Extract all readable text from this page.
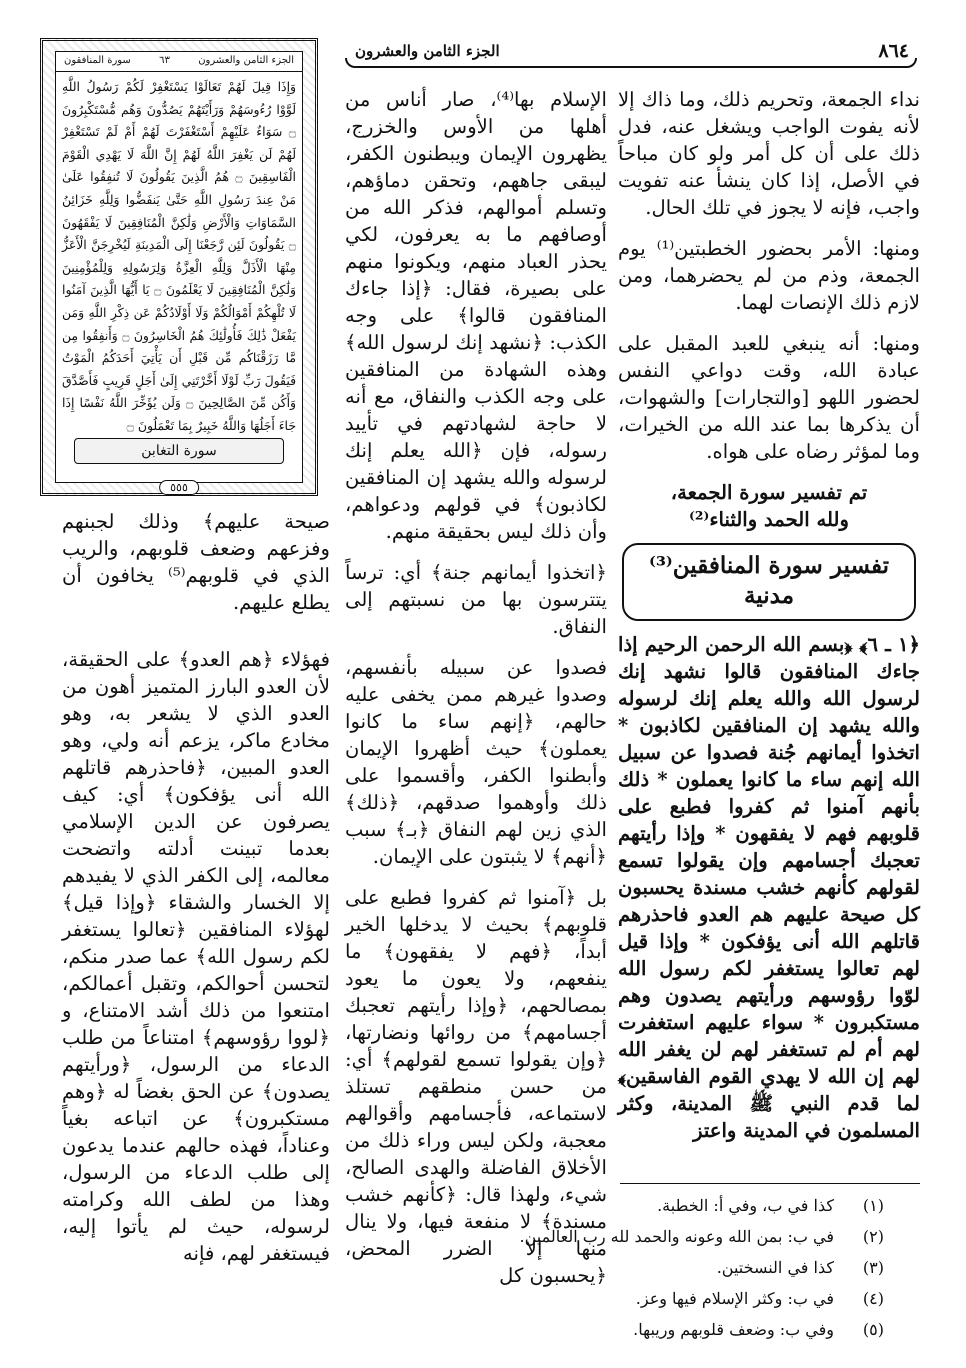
٨٦٤
الجزء الثامن والعشرون
الجزء الثامن والعشرون
٦٣
سورة المنافقون
وَإِذَا قِيلَ لَهُمْ تَعَالَوْا يَسْتَغْفِرْ لَكُمْ رَسُولُ اللَّهِ لَوَّوْا رُءُوسَهُمْ وَرَأَيْتَهُمْ يَصُدُّونَ وَهُم مُّسْتَكْبِرُونَ ۝ سَوَاءٌ عَلَيْهِمْ أَسْتَغْفَرْتَ لَهُمْ أَمْ لَمْ تَسْتَغْفِرْ لَهُمْ لَن يَغْفِرَ اللَّهُ لَهُمْ إِنَّ اللَّهَ لَا يَهْدِي الْقَوْمَ الْفَاسِقِينَ ۝ هُمُ الَّذِينَ يَقُولُونَ لَا تُنفِقُوا عَلَىٰ مَنْ عِندَ رَسُولِ اللَّهِ حَتَّىٰ يَنفَضُّوا وَلِلَّهِ خَزَائِنُ السَّمَاوَاتِ وَالْأَرْضِ وَلَٰكِنَّ الْمُنَافِقِينَ لَا يَفْقَهُونَ ۝ يَقُولُونَ لَئِن رَّجَعْنَا إِلَى الْمَدِينَةِ لَيُخْرِجَنَّ الْأَعَزُّ مِنْهَا الْأَذَلَّ وَلِلَّهِ الْعِزَّةُ وَلِرَسُولِهِ وَلِلْمُؤْمِنِينَ وَلَٰكِنَّ الْمُنَافِقِينَ لَا يَعْلَمُونَ ۝ يَا أَيُّهَا الَّذِينَ آمَنُوا لَا تُلْهِكُمْ أَمْوَالُكُمْ وَلَا أَوْلَادُكُمْ عَن ذِكْرِ اللَّهِ وَمَن يَفْعَلْ ذَٰلِكَ فَأُولَٰئِكَ هُمُ الْخَاسِرُونَ ۝ وَأَنفِقُوا مِن مَّا رَزَقْنَاكُم مِّن قَبْلِ أَن يَأْتِيَ أَحَدَكُمُ الْمَوْتُ فَيَقُولَ رَبِّ لَوْلَا أَخَّرْتَنِي إِلَىٰ أَجَلٍ قَرِيبٍ فَأَصَّدَّقَ وَأَكُن مِّنَ الصَّالِحِينَ ۝ وَلَن يُؤَخِّرَ اللَّهُ نَفْسًا إِذَا جَاءَ أَجَلُهَا وَاللَّهُ خَبِيرٌ بِمَا تَعْمَلُونَ ۝
سورة التغابن
٥٥٥

نداء الجمعة، وتحريم ذلك، وما ذاك إلا لأنه يفوت الواجب ويشغل عنه، فدل ذلك على أن كل أمر ولو كان مباحاً في الأصل، إذا كان ينشأ عنه تفويت واجب، فإنه لا يجوز في تلك الحال.

ومنها: الأمر بحضور الخطبتين⁽¹⁾ يوم الجمعة، وذم من لم يحضرهما، ومن لازم ذلك الإنصات لهما.

ومنها: أنه ينبغي للعبد المقبل على عبادة الله، وقت دواعي النفس لحضور اللهو [والتجارات] والشهوات، أن يذكرها بما عند الله من الخيرات، وما لمؤثر رضاه على هواه.

تم تفسير سورة الجمعة،

ولله الحمد والثناء⁽²⁾

تفسير سورة المنافقين⁽³⁾
مدنية

﴿١ ـ ٦﴾ ﴿بسم الله الرحمن الرحيم إذا جاءك المنافقون قالوا نشهد إنك لرسول الله والله يعلم إنك لرسوله والله يشهد إن المنافقين لكاذبون * اتخذوا أيمانهم جُنة فصدوا عن سبيل الله إنهم ساء ما كانوا يعملون * ذلك بأنهم آمنوا ثم كفروا فطبع على قلوبهم فهم لا يفقهون * وإذا رأيتهم تعجبك أجسامهم وإن يقولوا تسمع لقولهم كأنهم خشب مسندة يحسبون كل صيحة عليهم هم العدو فاحذرهم قاتلهم الله أنى يؤفكون * وإذا قيل لهم تعالوا يستغفر لكم رسول الله لوّوا رؤوسهم ورأيتهم يصدون وهم مستكبرون * سواء عليهم استغفرت لهم أم لم تستغفر لهم لن يغفر الله لهم إن الله لا يهدي القوم الفاسقين﴾ لما قدم النبي ﷺ المدينة، وكثر المسلمون في المدينة واعتز

الإسلام بها⁽⁴⁾، صار أناس من أهلها من الأوس والخزرج، يظهرون الإيمان ويبطنون الكفر، ليبقى جاههم، وتحقن دماؤهم، وتسلم أموالهم، فذكر الله من أوصافهم ما به يعرفون، لكي يحذر العباد منهم، ويكونوا منهم على بصيرة، فقال: ﴿إذا جاءك المنافقون قالوا﴾ على وجه الكذب: ﴿نشهد إنك لرسول الله﴾ وهذه الشهادة من المنافقين على وجه الكذب والنفاق، مع أنه لا حاجة لشهادتهم في تأييد رسوله، فإن ﴿الله يعلم إنك لرسوله والله يشهد إن المنافقين لكاذبون﴾ في قولهم ودعواهم، وأن ذلك ليس بحقيقة منهم.

﴿اتخذوا أيمانهم جنة﴾ أي: ترساً يتترسون بها من نسبتهم إلى النفاق.

فصدوا عن سبيله بأنفسهم، وصدوا غيرهم ممن يخفى عليه حالهم، ﴿إنهم ساء ما كانوا يعملون﴾ حيث أظهروا الإيمان وأبطنوا الكفر، وأقسموا على ذلك وأوهموا صدقهم، ﴿ذلك﴾ الذي زين لهم النفاق ﴿بـ﴾ سبب ﴿أنهم﴾ لا يثبتون على الإيمان.

بل ﴿آمنوا ثم كفروا فطبع على قلوبهم﴾ بحيث لا يدخلها الخير أبداً، ﴿فهم لا يفقهون﴾ ما ينفعهم، ولا يعون ما يعود بمصالحهم، ﴿وإذا رأيتهم تعجبك أجسامهم﴾ من روائها ونضارتها، ﴿وإن يقولوا تسمع لقولهم﴾ أي: من حسن منطقهم تستلذ لاستماعه، فأجسامهم وأقوالهم معجبة، ولكن ليس وراء ذلك من الأخلاق الفاضلة والهدى الصالح، شيء، ولهذا قال: ﴿كأنهم خشب مسندة﴾ لا منفعة فيها، ولا ينال منها إلا الضرر المحض، ﴿يحسبون كل

صيحة عليهم﴾ وذلك لجبنهم وفزعهم وضعف قلوبهم، والريب الذي في قلوبهم⁽⁵⁾ يخافون أن يطلع عليهم.

فهؤلاء ﴿هم العدو﴾ على الحقيقة، لأن العدو البارز المتميز أهون من العدو الذي لا يشعر به، وهو مخادع ماكر، يزعم أنه ولي، وهو العدو المبين، ﴿فاحذرهم قاتلهم الله أنى يؤفكون﴾ أي: كيف يصرفون عن الدين الإسلامي بعدما تبينت أدلته واتضحت معالمه، إلى الكفر الذي لا يفيدهم إلا الخسار والشقاء ﴿وإذا قيل﴾ لهؤلاء المنافقين ﴿تعالوا يستغفر لكم رسول الله﴾ عما صدر منكم، لتحسن أحوالكم، وتقبل أعمالكم، امتنعوا من ذلك أشد الامتناع، و ﴿لووا رؤوسهم﴾ امتناعاً من طلب الدعاء من الرسول، ﴿ورأيتهم يصدون﴾ عن الحق بغضاً له ﴿وهم مستكبرون﴾ عن اتباعه بغياً وعناداً، فهذه حالهم عندما يدعون إلى طلب الدعاء من الرسول، وهذا من لطف الله وكرامته لرسوله، حيث لم يأتوا إليه، فيستغفر لهم، فإنه

(١)
كذا في ب، وفي أ: الخطبة.
(٢)
في ب: بمن الله وعونه والحمد لله رب العالمين.
(٣)
كذا في النسختين.
(٤)
في ب: وكثر الإسلام فيها وعز.
(٥)
وفي ب: وضعف قلوبهم وريبها.
